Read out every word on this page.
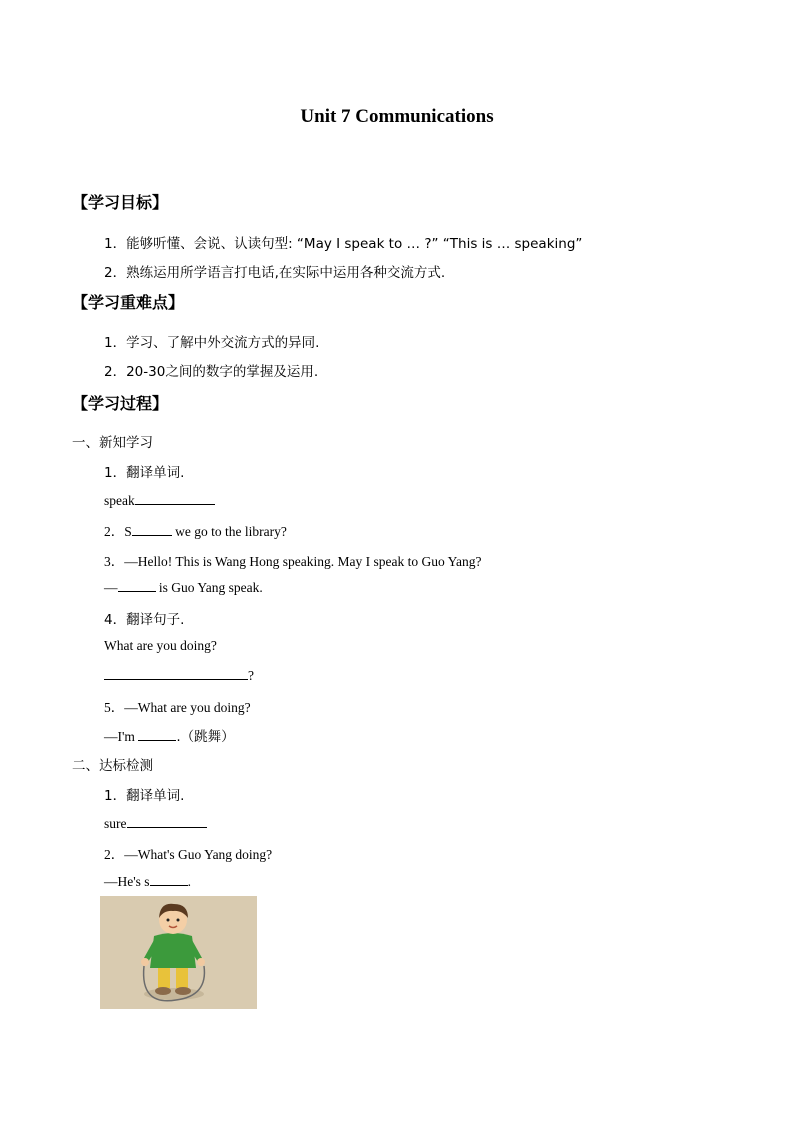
Unit 7 Communications
【学习目标】
1．能够听懂、会说、认读句型: “May I speak to … ?” “This is … speaking”
2．熟练运用所学语言打电话,在实际中运用各种交流方式.
【学习重难点】
1．学习、了解中外交流方式的异同.
2．20-30之间的数字的掌握及运用.
【学习过程】
一、新知学习
1．翻译单词.
speak
2．S	we go to the library?
3．—Hello! This is Wang Hong speaking. May I speak to Guo Yang?
—	is Guo Yang speak.
4．翻译句子.
What are you doing?
?
5．—What are you doing?
—I'm	.（跳舞）
二、达标检测
1．翻译单词.
sure
2．—What's Guo Yang doing?
—He's s	.
